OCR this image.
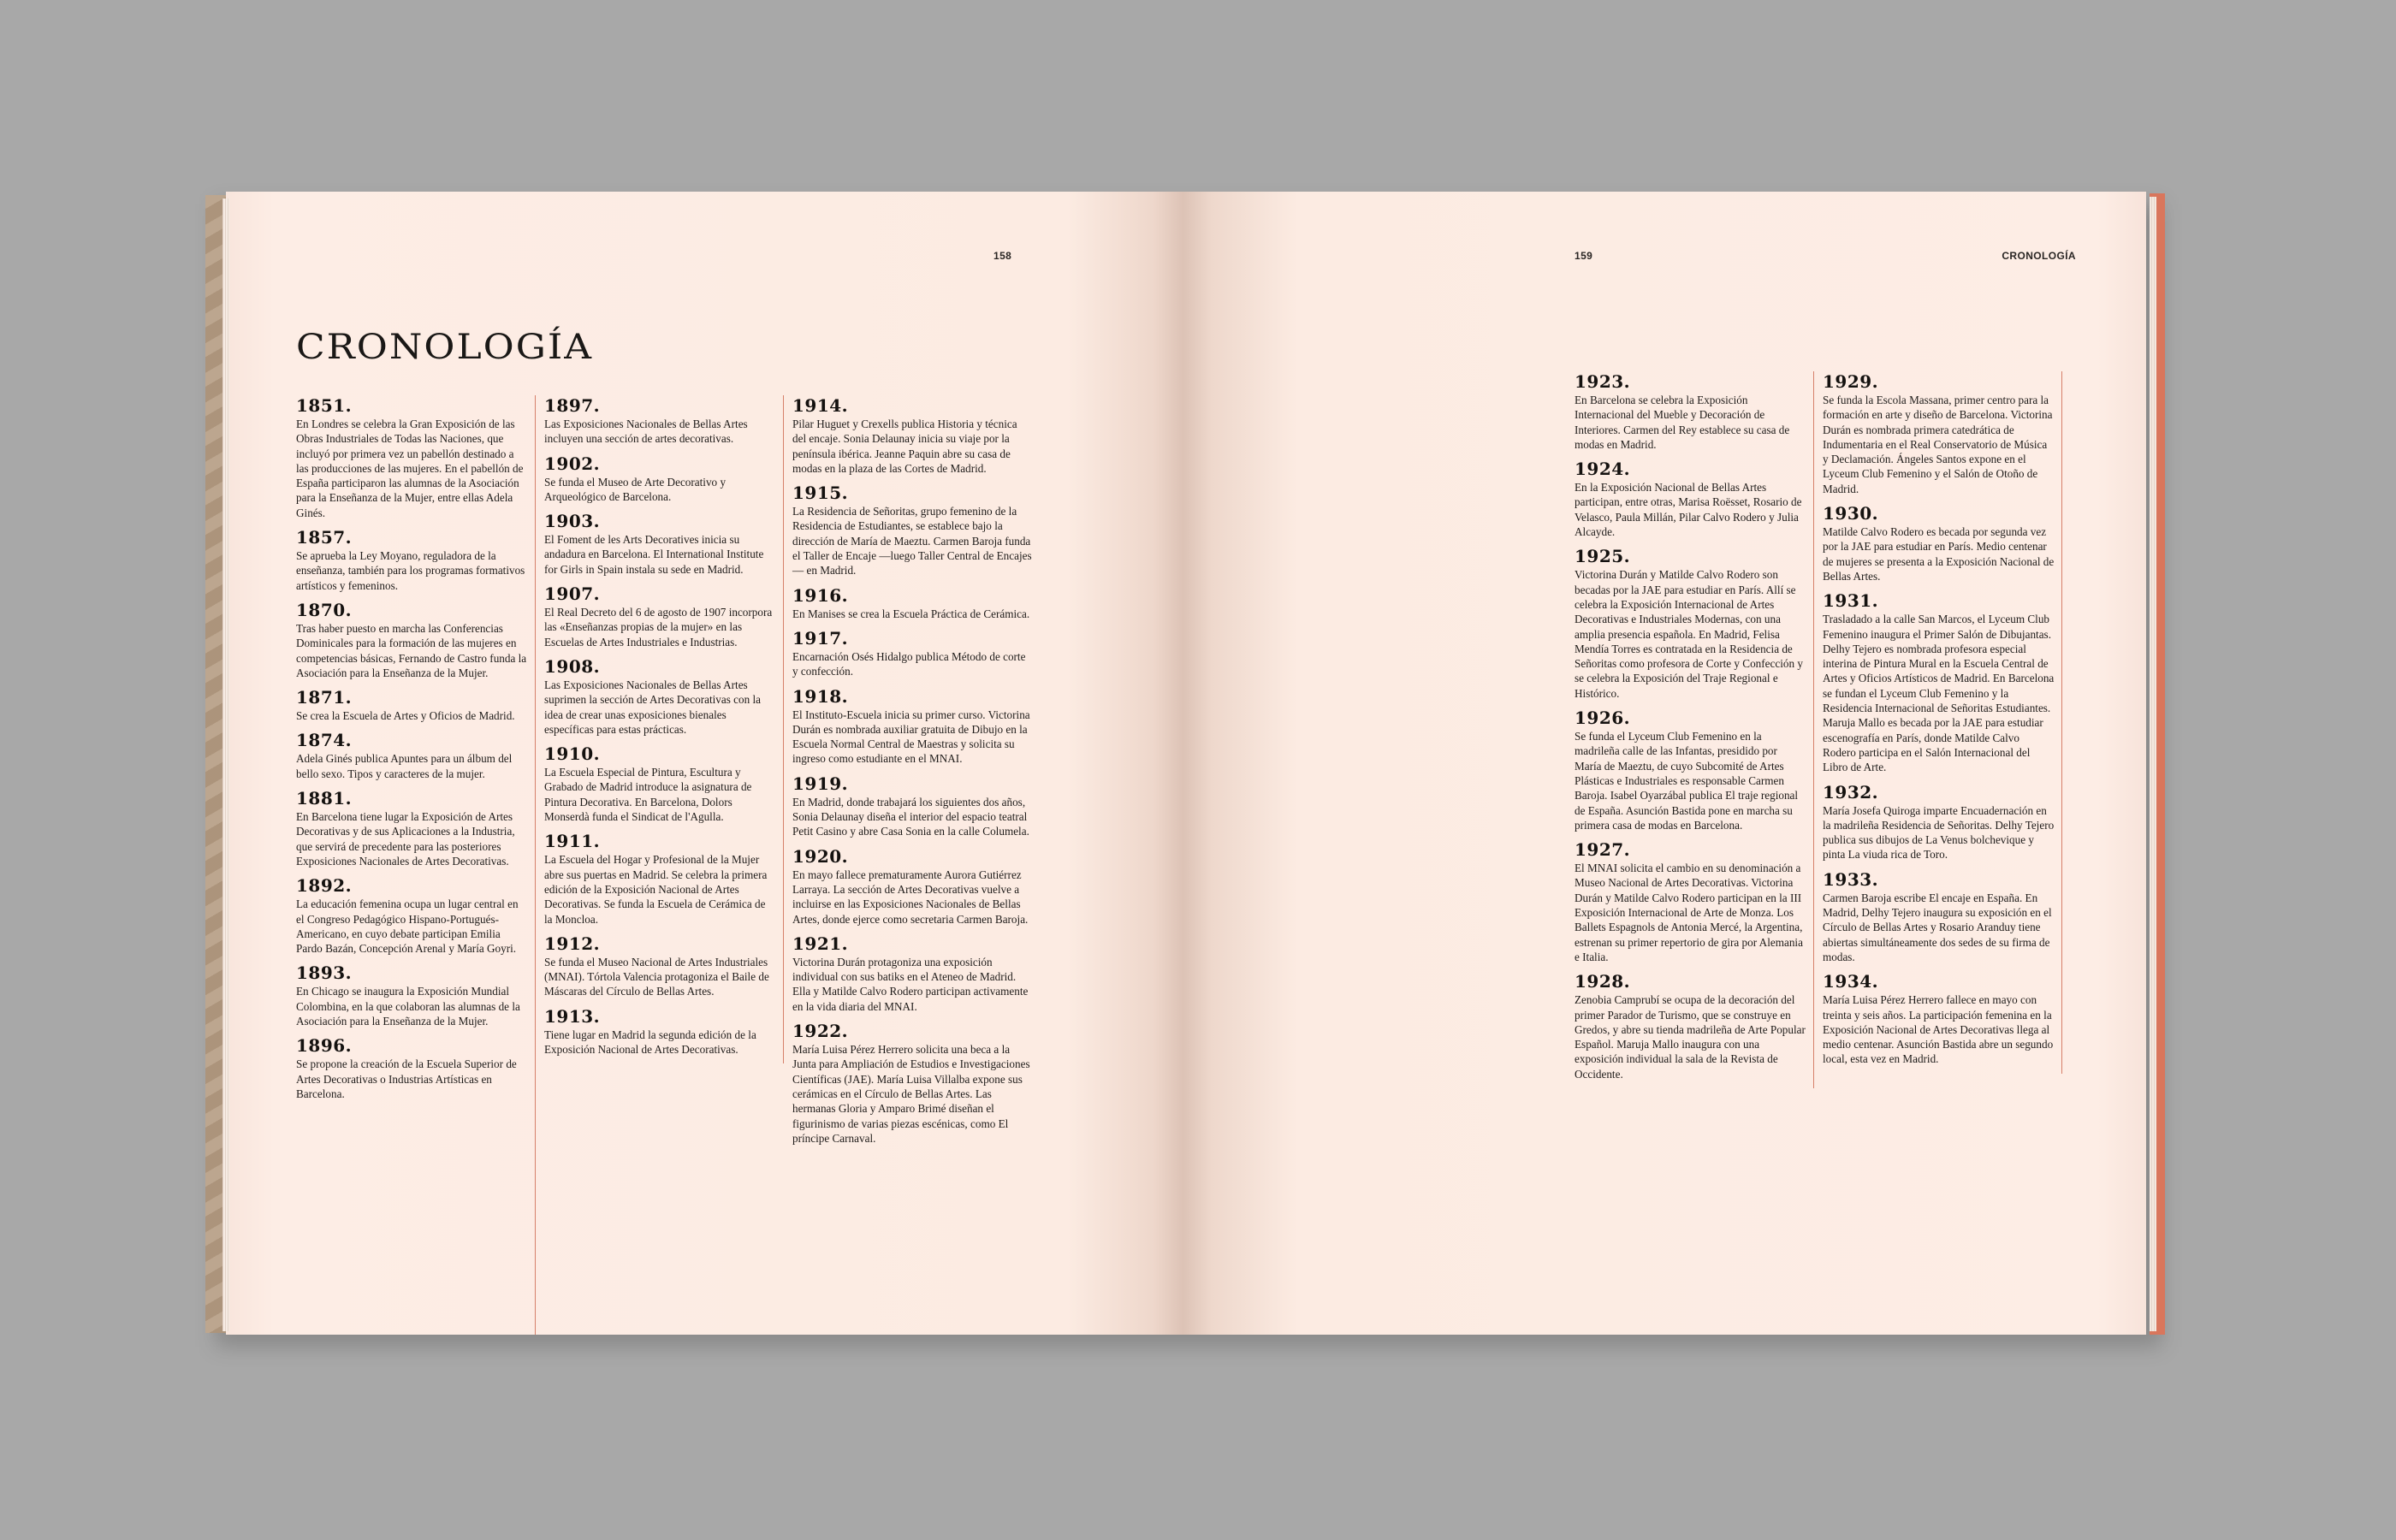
158
CRONOLOGÍA
1851.
En Londres se celebra la Gran Exposición de las Obras Industriales de Todas las Naciones, que incluyó por primera vez un pabellón destinado a las producciones de las mujeres. En el pabellón de España participaron las alumnas de la Asociación para la Enseñanza de la Mujer, entre ellas Adela Ginés.
1857.
Se aprueba la Ley Moyano, reguladora de la enseñanza, también para los programas formativos artísticos y femeninos.
1870.
Tras haber puesto en marcha las Conferencias Dominicales para la formación de las mujeres en competencias básicas, Fernando de Castro funda la Asociación para la Enseñanza de la Mujer.
1871.
Se crea la Escuela de Artes y Oficios de Madrid.
1874.
Adela Ginés publica Apuntes para un álbum del bello sexo. Tipos y caracteres de la mujer.
1881.
En Barcelona tiene lugar la Exposición de Artes Decorativas y de sus Aplicaciones a la Industria, que servirá de precedente para las posteriores Exposiciones Nacionales de Artes Decorativas.
1892.
La educación femenina ocupa un lugar central en el Congreso Pedagógico Hispano-Portugués-Americano, en cuyo debate participan Emilia Pardo Bazán, Concepción Arenal y María Goyri.
1893.
En Chicago se inaugura la Exposición Mundial Colombina, en la que colaboran las alumnas de la Asociación para la Enseñanza de la Mujer.
1896.
Se propone la creación de la Escuela Superior de Artes Decorativas o Industrias Artísticas en Barcelona.
1897.
Las Exposiciones Nacionales de Bellas Artes incluyen una sección de artes decorativas.
1902.
Se funda el Museo de Arte Decorativo y Arqueológico de Barcelona.
1903.
El Foment de les Arts Decoratives inicia su andadura en Barcelona. El International Institute for Girls in Spain instala su sede en Madrid.
1907.
El Real Decreto del 6 de agosto de 1907 incorpora las «Enseñanzas propias de la mujer» en las Escuelas de Artes Industriales e Industrias.
1908.
Las Exposiciones Nacionales de Bellas Artes suprimen la sección de Artes Decorativas con la idea de crear unas exposiciones bienales específicas para estas prácticas.
1910.
La Escuela Especial de Pintura, Escultura y Grabado de Madrid introduce la asignatura de Pintura Decorativa. En Barcelona, Dolors Monserdà funda el Sindicat de l'Agulla.
1911.
La Escuela del Hogar y Profesional de la Mujer abre sus puertas en Madrid. Se celebra la primera edición de la Exposición Nacional de Artes Decorativas. Se funda la Escuela de Cerámica de la Moncloa.
1912.
Se funda el Museo Nacional de Artes Industriales (MNAI). Tórtola Valencia protagoniza el Baile de Máscaras del Círculo de Bellas Artes.
1913.
Tiene lugar en Madrid la segunda edición de la Exposición Nacional de Artes Decorativas.
1914.
Pilar Huguet y Crexells publica Historia y técnica del encaje. Sonia Delaunay inicia su viaje por la península ibérica. Jeanne Paquin abre su casa de modas en la plaza de las Cortes de Madrid.
1915.
La Residencia de Señoritas, grupo femenino de la Residencia de Estudiantes, se establece bajo la dirección de María de Maeztu. Carmen Baroja funda el Taller de Encaje —luego Taller Central de Encajes— en Madrid.
1916.
En Manises se crea la Escuela Práctica de Cerámica.
1917.
Encarnación Osés Hidalgo publica Método de corte y confección.
1918.
El Instituto-Escuela inicia su primer curso. Victorina Durán es nombrada auxiliar gratuita de Dibujo en la Escuela Normal Central de Maestras y solicita su ingreso como estudiante en el MNAI.
1919.
En Madrid, donde trabajará los siguientes dos años, Sonia Delaunay diseña el interior del espacio teatral Petit Casino y abre Casa Sonia en la calle Columela.
1920.
En mayo fallece prematuramente Aurora Gutiérrez Larraya. La sección de Artes Decorativas vuelve a incluirse en las Exposiciones Nacionales de Bellas Artes, donde ejerce como secretaria Carmen Baroja.
1921.
Victorina Durán protagoniza una exposición individual con sus batiks en el Ateneo de Madrid. Ella y Matilde Calvo Rodero participan activamente en la vida diaria del MNAI.
1922.
María Luisa Pérez Herrero solicita una beca a la Junta para Ampliación de Estudios e Investigaciones Científicas (JAE). María Luisa Villalba expone sus cerámicas en el Círculo de Bellas Artes. Las hermanas Gloria y Amparo Brimé diseñan el figurinismo de varias piezas escénicas, como El príncipe Carnaval.
159	CRONOLOGÍA
1923.
En Barcelona se celebra la Exposición Internacional del Mueble y Decoración de Interiores. Carmen del Rey establece su casa de modas en Madrid.
1924.
En la Exposición Nacional de Bellas Artes participan, entre otras, Marisa Roësset, Rosario de Velasco, Paula Millán, Pilar Calvo Rodero y Julia Alcayde.
1925.
Victorina Durán y Matilde Calvo Rodero son becadas por la JAE para estudiar en París. Allí se celebra la Exposición Internacional de Artes Decorativas e Industriales Modernas, con una amplia presencia española. En Madrid, Felisa Mendía Torres es contratada en la Residencia de Señoritas como profesora de Corte y Confección y se celebra la Exposición del Traje Regional e Histórico.
1926.
Se funda el Lyceum Club Femenino en la madrileña calle de las Infantas, presidido por María de Maeztu, de cuyo Subcomité de Artes Plásticas e Industriales es responsable Carmen Baroja. Isabel Oyarzábal publica El traje regional de España. Asunción Bastida pone en marcha su primera casa de modas en Barcelona.
1927.
El MNAI solicita el cambio en su denominación a Museo Nacional de Artes Decorativas. Victorina Durán y Matilde Calvo Rodero participan en la III Exposición Internacional de Arte de Monza. Los Ballets Espagnols de Antonia Mercé, la Argentina, estrenan su primer repertorio de gira por Alemania e Italia.
1928.
Zenobia Camprubí se ocupa de la decoración del primer Parador de Turismo, que se construye en Gredos, y abre su tienda madrileña de Arte Popular Español. Maruja Mallo inaugura con una exposición individual la sala de la Revista de Occidente.
1929.
Se funda la Escola Massana, primer centro para la formación en arte y diseño de Barcelona. Victorina Durán es nombrada primera catedrática de Indumentaria en el Real Conservatorio de Música y Declamación. Ángeles Santos expone en el Lyceum Club Femenino y el Salón de Otoño de Madrid.
1930.
Matilde Calvo Rodero es becada por segunda vez por la JAE para estudiar en París. Medio centenar de mujeres se presenta a la Exposición Nacional de Bellas Artes.
1931.
Trasladado a la calle San Marcos, el Lyceum Club Femenino inaugura el Primer Salón de Dibujantas. Delhy Tejero es nombrada profesora especial interina de Pintura Mural en la Escuela Central de Artes y Oficios Artísticos de Madrid. En Barcelona se fundan el Lyceum Club Femenino y la Residencia Internacional de Señoritas Estudiantes. Maruja Mallo es becada por la JAE para estudiar escenografía en París, donde Matilde Calvo Rodero participa en el Salón Internacional del Libro de Arte.
1932.
María Josefa Quiroga imparte Encuadernación en la madrileña Residencia de Señoritas. Delhy Tejero publica sus dibujos de La Venus bolchevique y pinta La viuda rica de Toro.
1933.
Carmen Baroja escribe El encaje en España. En Madrid, Delhy Tejero inaugura su exposición en el Círculo de Bellas Artes y Rosario Aranduy tiene abiertas simultáneamente dos sedes de su firma de modas.
1934.
María Luisa Pérez Herrero fallece en mayo con treinta y seis años. La participación femenina en la Exposición Nacional de Artes Decorativas llega al medio centenar. Asunción Bastida abre un segundo local, esta vez en Madrid.
